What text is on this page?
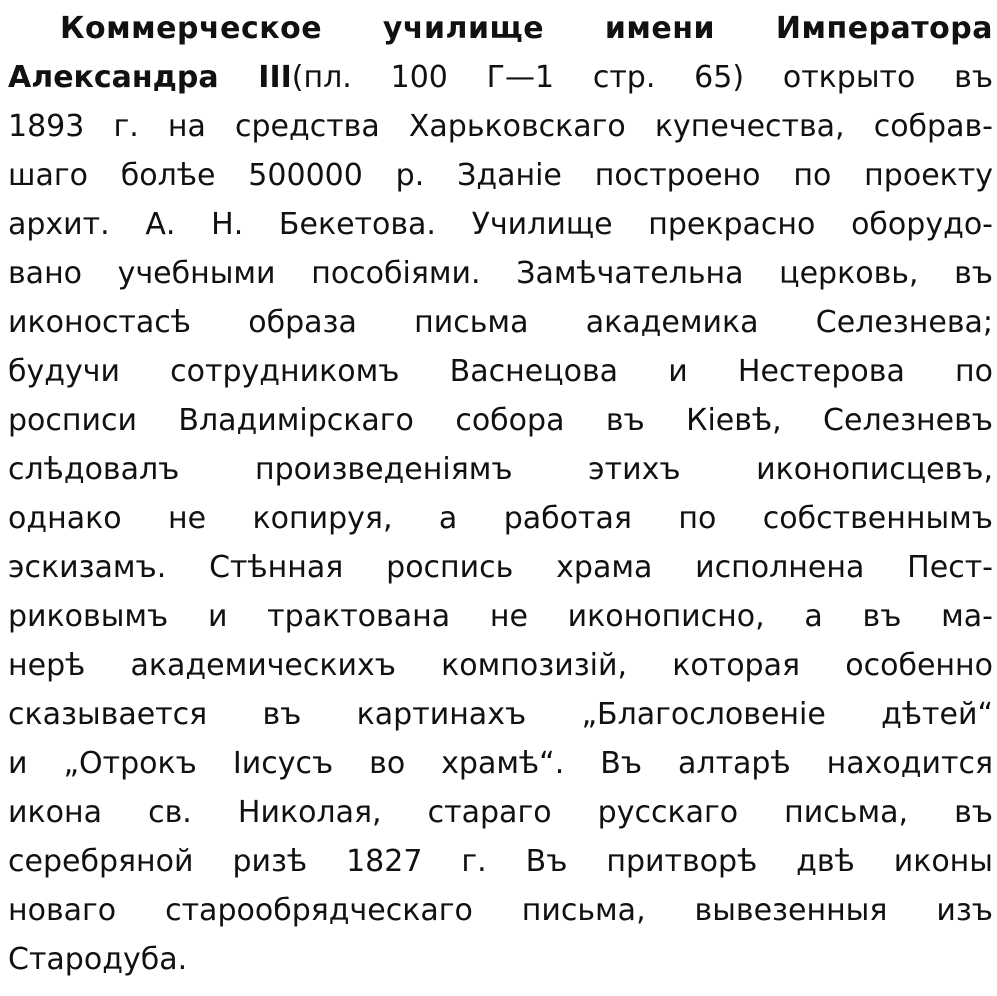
Коммерческое училище имени Императора
Александра III(пл. 100 Г—1 стр. 65) открыто въ
1893 г. на средства Харьковскаго купечества, собрав-
шаго болѣе 500000 р. Зданіе построено по проекту
архит. А. Н. Бекетова. Училище прекрасно оборудо-
вано учебными пособіями. Замѣчательна церковь, въ
иконостасѣ образа письма академика Селезнева;
будучи сотрудникомъ Васнецова и Нестерова по
росписи Владимірскаго собора въ Кіевѣ, Селезневъ
слѣдовалъ произведеніямъ этихъ иконописцевъ,
однако не копируя, а работая по собственнымъ
эскизамъ. Стѣнная роспись храма исполнена Пест-
риковымъ и трактована не иконописно, а въ ма-
нерѣ академическихъ композизій, которая особенно
сказывается въ картинахъ „Благословеніе дѣтей“
и „Отрокъ Іисусъ во храмѣ“. Въ алтарѣ находится
икона св. Николая, стараго русскаго письма, въ
серебряной ризѣ 1827 г. Въ притворѣ двѣ иконы
новаго старообрядческаго письма, вывезенныя изъ
Стародуба.
